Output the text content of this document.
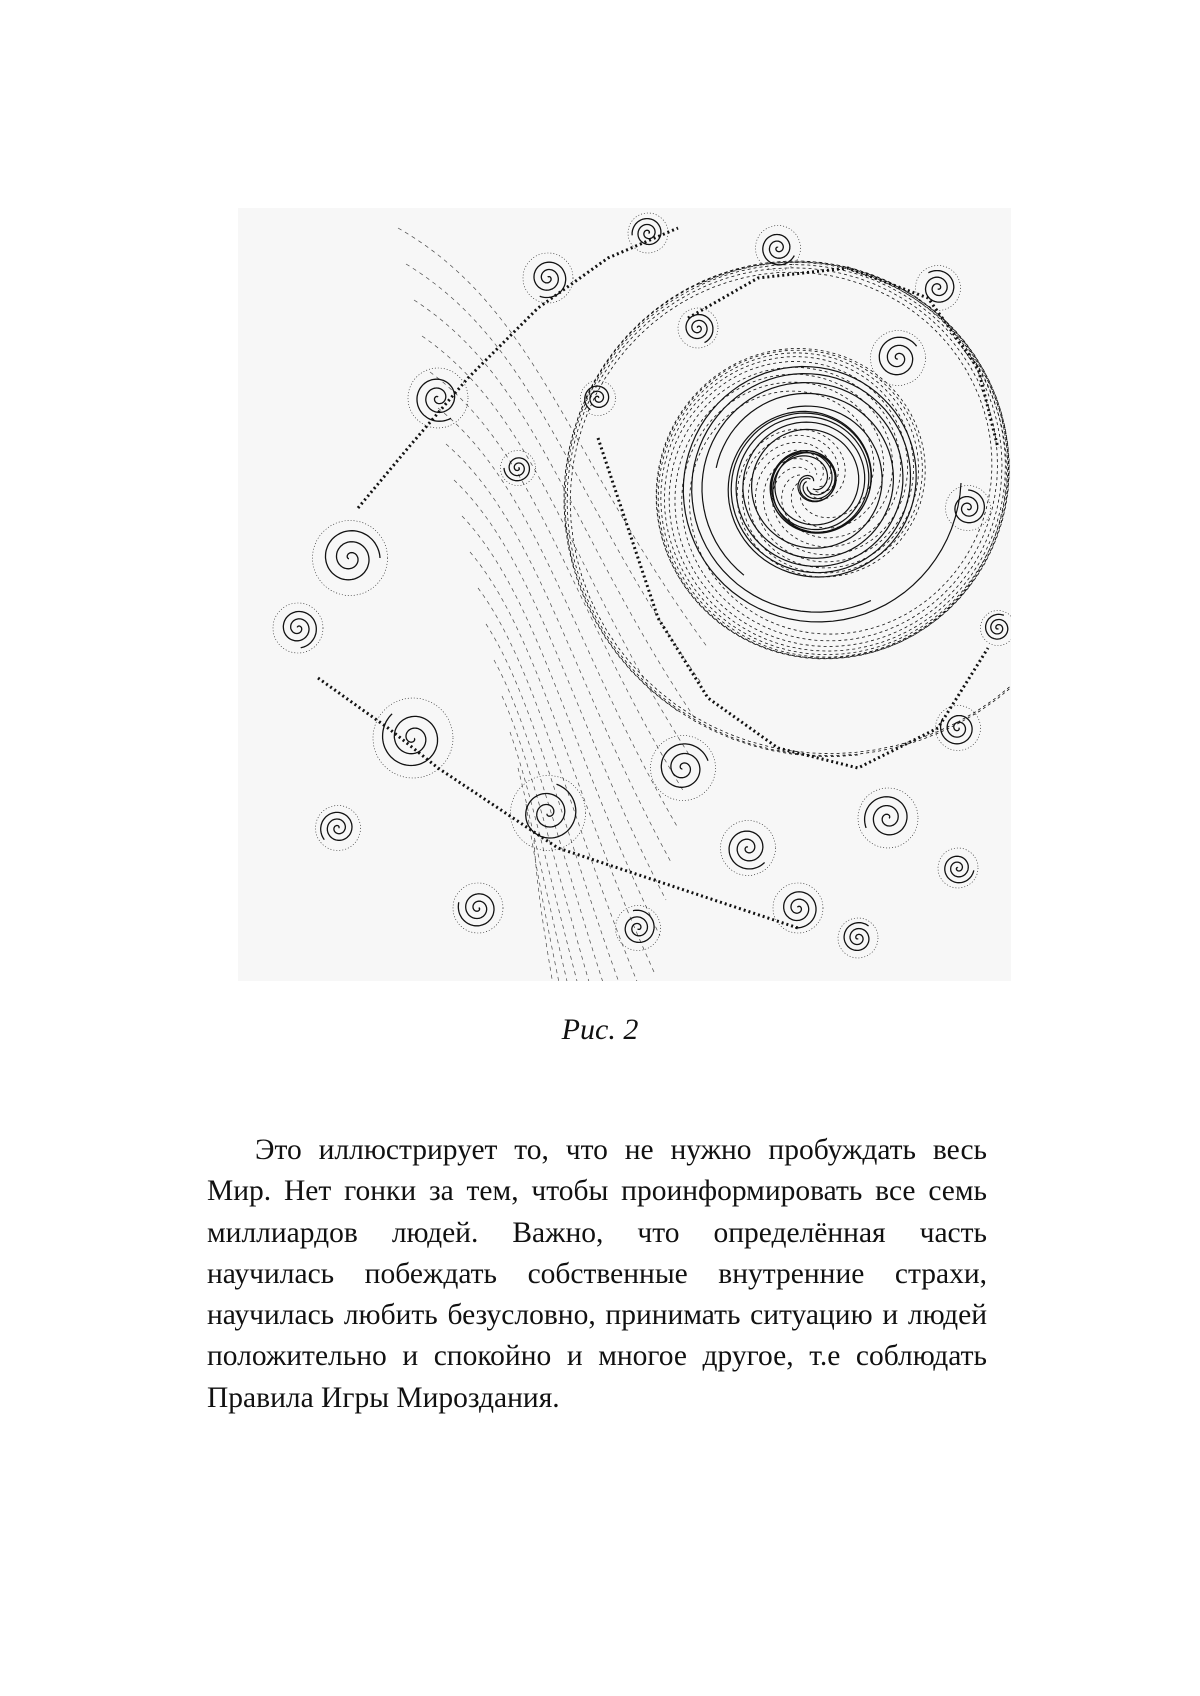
Рис. 2

Это иллюстрирует то, что не нужно пробуждать весь Мир. Нет гонки за тем, чтобы проинформировать все семь миллиардов людей. Важно, что определённая часть научилась побеждать собственные внутренние страхи, научилась любить безусловно, принимать ситуацию и людей положительно и спокойно и многое другое, т.е соблюдать Правила Игры Мироздания.
